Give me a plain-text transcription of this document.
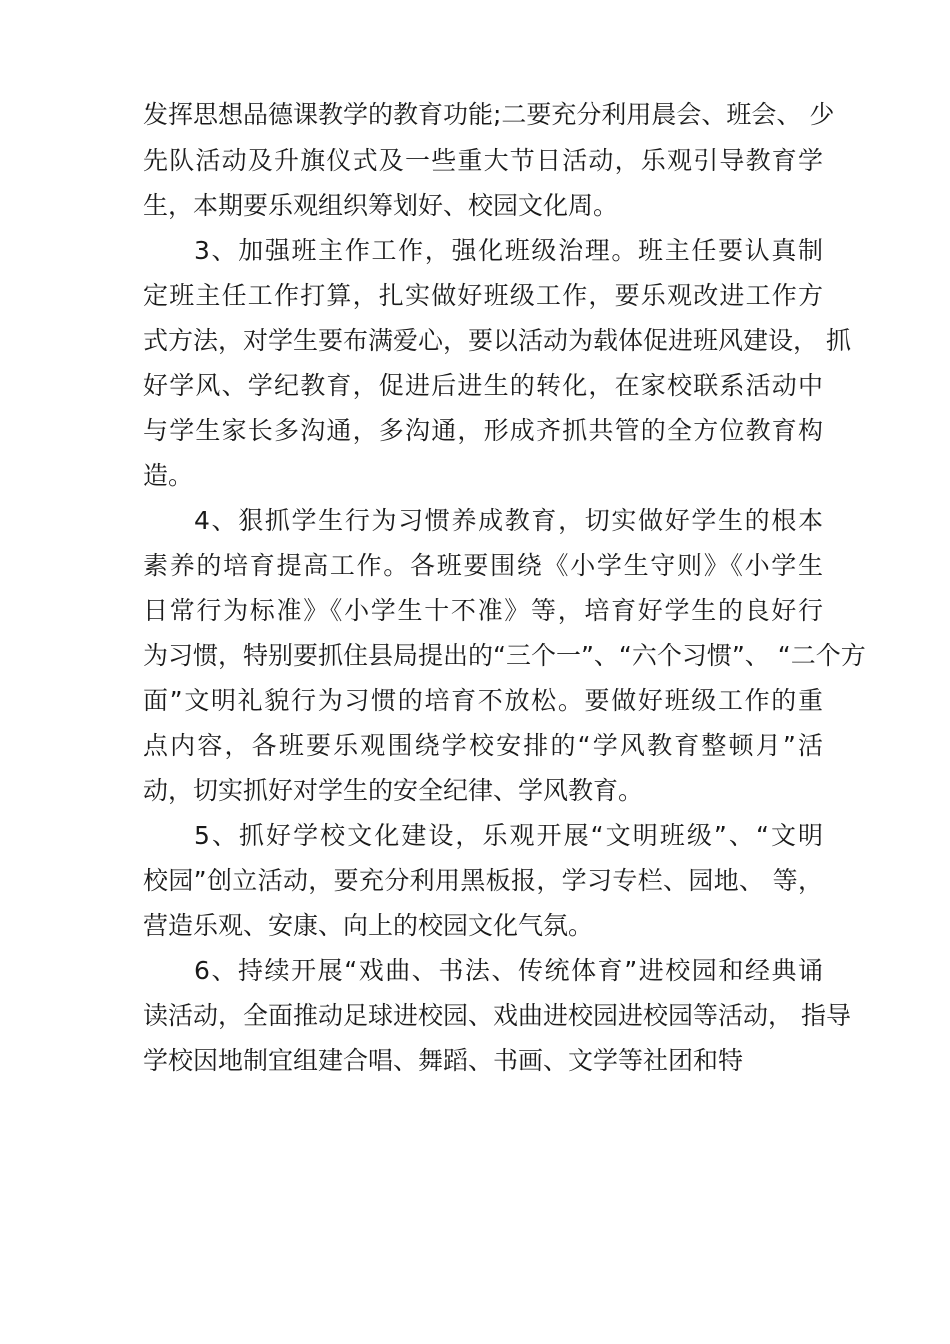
发挥思想品德课教学的教育功能;二要充分利用晨会、班会、 少
先队活动及升旗仪式及一些重大节日活动，乐观引导教育学
生，本期要乐观组织筹划好、校园文化周。
3、加强班主作工作，强化班级治理。班主任要认真制
定班主任工作打算，扎实做好班级工作，要乐观改进工作方
式方法，对学生要布满爱心，要以活动为载体促进班风建设， 抓
好学风、学纪教育，促进后进生的转化，在家校联系活动中
与学生家长多沟通，多沟通，形成齐抓共管的全方位教育构
造。
4、狠抓学生行为习惯养成教育，切实做好学生的根本
素养的培育提高工作。各班要围绕《小学生守则》《小学生
日常行为标准》《小学生十不准》等，培育好学生的良好行
为习惯，特别要抓住县局提出的“三个一”、“六个习惯”、 “二个方
面”文明礼貌行为习惯的培育不放松。要做好班级工作的重
点内容，各班要乐观围绕学校安排的“学风教育整顿月”活
动，切实抓好对学生的安全纪律、学风教育。
5、抓好学校文化建设，乐观开展“文明班级”、“文明
校园”创立活动，要充分利用黑板报，学习专栏、园地、 等，
营造乐观、安康、向上的校园文化气氛。
6、持续开展“戏曲、书法、传统体育”进校园和经典诵
读活动，全面推动足球进校园、戏曲进校园进校园等活动， 指导
学校因地制宜组建合唱、舞蹈、书画、文学等社团和特
